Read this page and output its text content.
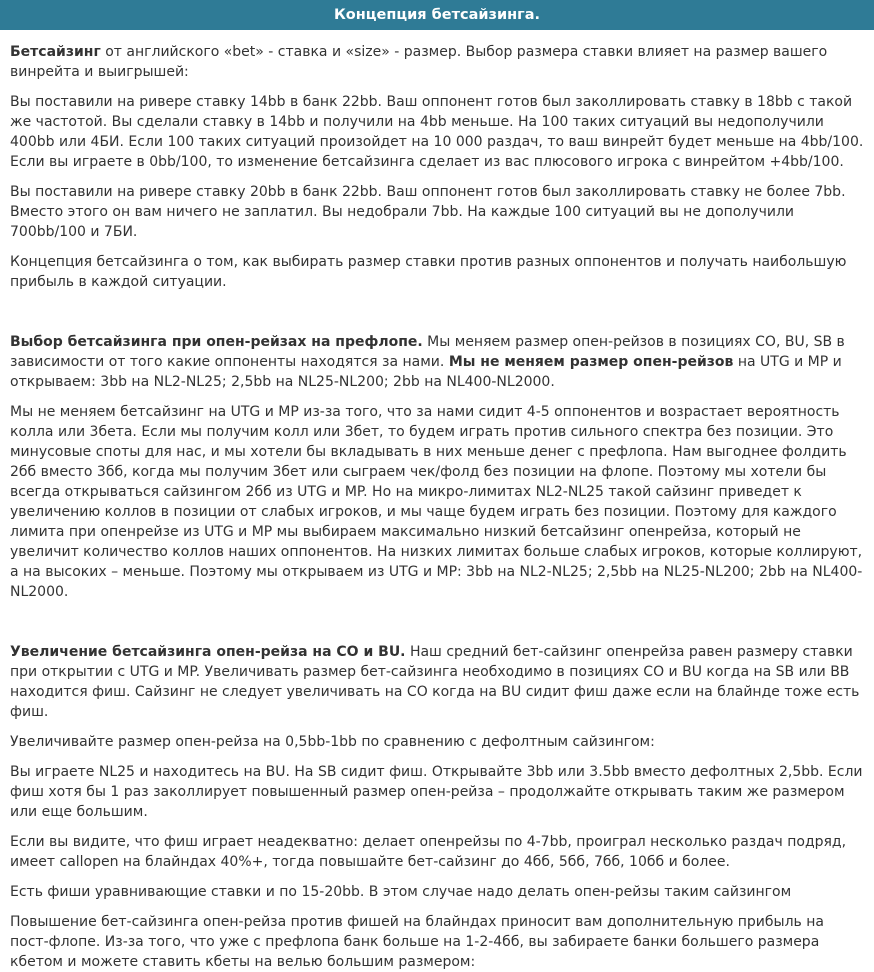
Концепция бетсайзинга.

Бетсайзинг от английского «bet» - ставка и «size» - размер. Выбор размера ставки влияет на размер вашего винрейта и выигрышей:

Вы поставили на ривере ставку 14bb в банк 22bb. Ваш оппонент готов был заколлировать ставку в 18bb с такой же частотой. Вы сделали ставку в 14bb и получили на 4bb меньше. На 100 таких ситуаций вы недополучили 400bb или 4БИ. Если 100 таких ситуаций произойдет на 10 000 раздач, то ваш винрейт будет меньше на 4bb/100. Если вы играете в 0bb/100, то изменение бетсайзинга сделает из вас плюсового игрока с винрейтом +4bb/100.

Вы поставили на ривере ставку 20bb в банк 22bb. Ваш оппонент готов был заколлировать ставку не более 7bb. Вместо этого он вам ничего не заплатил. Вы недобрали 7bb. На каждые 100 ситуаций вы не дополучили 700bb/100 и 7БИ.

Концепция бетсайзинга о том, как выбирать размер ставки против разных оппонентов и получать наибольшую прибыль в каждой ситуации.

Выбор бетсайзинга при опен-рейзах на префлопе. Мы меняем размер опен-рейзов в позициях CO, BU, SB в зависимости от того какие оппоненты находятся за нами. Мы не меняем размер опен-рейзов на UTG и MP и открываем: 3bb на NL2-NL25; 2,5bb на NL25-NL200; 2bb на NL400-NL2000.

Мы не меняем бетсайзинг на UTG и MP из-за того, что за нами сидит 4-5 оппонентов и возрастает вероятность колла или 3бета. Если мы получим колл или 3бет, то будем играть против сильного спектра без позиции. Это минусовые споты для нас, и мы хотели бы вкладывать в них меньше денег с префлопа. Нам выгоднее фолдить 2бб вместо 3бб, когда мы получим 3бет или сыграем чек/фолд без позиции на флопе. Поэтому мы хотели бы всегда открываться сайзингом 2бб из UTG и MP. Но на микро-лимитах NL2-NL25 такой сайзинг приведет к увеличению коллов в позиции от слабых игроков, и мы чаще будем играть без позиции. Поэтому для каждого лимита при опенрейзе из UTG и MP мы выбираем максимально низкий бетсайзинг опенрейза, который не увеличит количество коллов наших оппонентов. На низких лимитах больше слабых игроков, которые коллируют, а на высоких – меньше. Поэтому мы открываем из UTG и MP: 3bb на NL2-NL25; 2,5bb на NL25-NL200; 2bb на NL400-NL2000.

Увеличение бетсайзинга опен-рейза на CO и BU. Наш средний бет-сайзинг опенрейза равен размеру ставки при открытии с UTG и MP. Увеличивать размер бет-сайзинга необходимо в позициях CO и BU когда на SB или BB находится фиш. Сайзинг не следует увеличивать на CO когда на BU сидит фиш даже если на блайнде тоже есть фиш.

Увеличивайте размер опен-рейза на 0,5bb-1bb по сравнению с дефолтным сайзингом:

Вы играете NL25 и находитесь на BU. На SB сидит фиш. Открывайте 3bb или 3.5bb вместо дефолтных 2,5bb. Если фиш хотя бы 1 раз заколлирует повышенный размер опен-рейза – продолжайте открывать таким же размером или еще большим.

Если вы видите, что фиш играет неадекватно: делает опенрейзы по 4-7bb, проиграл несколько раздач подряд, имеет callopen на блайндах 40%+, тогда повышайте бет-сайзинг до 4бб, 5бб, 7бб, 10бб и более.

Есть фиши уравнивающие ставки и по 15-20bb. В этом случае надо делать опен-рейзы таким сайзингом

Повышение бет-сайзинга опен-рейза против фишей на блайндах приносит вам дополнительную прибыль на пост-флопе. Из-за того, что уже с префлопа банк больше на 1-2-4бб, вы забираете банки большего размера кбетом и можете ставить кбеты на велью большим размером:
